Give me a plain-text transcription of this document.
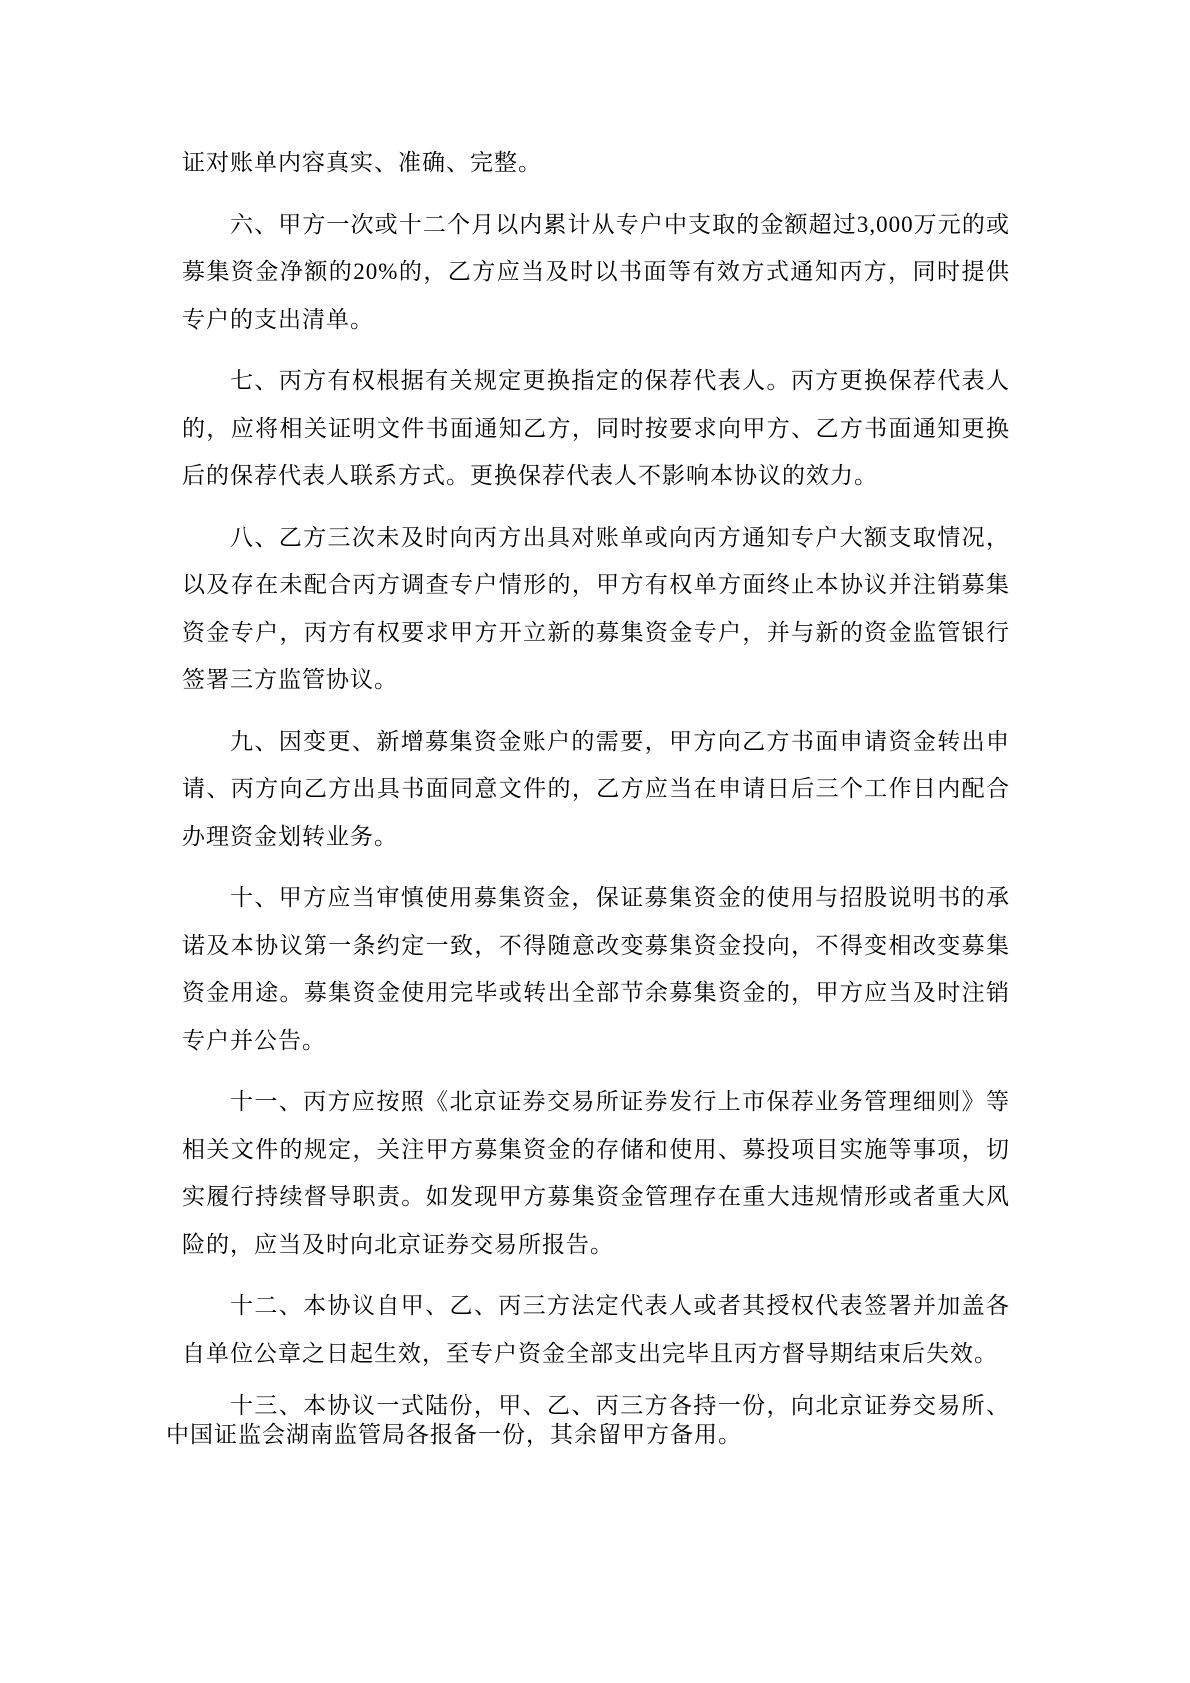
证对账单内容真实、准确、完整。

六、甲方一次或十二个月以内累计从专户中支取的金额超过3,000万元的或募集资金净额的20%的，乙方应当及时以书面等有效方式通知丙方，同时提供专户的支出清单。

七、丙方有权根据有关规定更换指定的保荐代表人。丙方更换保荐代表人的，应将相关证明文件书面通知乙方，同时按要求向甲方、乙方书面通知更换后的保荐代表人联系方式。更换保荐代表人不影响本协议的效力。

八、乙方三次未及时向丙方出具对账单或向丙方通知专户大额支取情况，以及存在未配合丙方调查专户情形的，甲方有权单方面终止本协议并注销募集资金专户，丙方有权要求甲方开立新的募集资金专户，并与新的资金监管银行签署三方监管协议。

九、因变更、新增募集资金账户的需要，甲方向乙方书面申请资金转出申请、丙方向乙方出具书面同意文件的，乙方应当在申请日后三个工作日内配合办理资金划转业务。

十、甲方应当审慎使用募集资金，保证募集资金的使用与招股说明书的承诺及本协议第一条约定一致，不得随意改变募集资金投向，不得变相改变募集资金用途。募集资金使用完毕或转出全部节余募集资金的，甲方应当及时注销专户并公告。

十一、丙方应按照《北京证券交易所证券发行上市保荐业务管理细则》等相关文件的规定，关注甲方募集资金的存储和使用、募投项目实施等事项，切实履行持续督导职责。如发现甲方募集资金管理存在重大违规情形或者重大风险的，应当及时向北京证券交易所报告。

十二、本协议自甲、乙、丙三方法定代表人或者其授权代表签署并加盖各自单位公章之日起生效，至专户资金全部支出完毕且丙方督导期结束后失效。

十三、本协议一式陆份，甲、乙、丙三方各持一份，向北京证券交易所、中国证监会湖南监管局各报备一份，其余留甲方备用。
